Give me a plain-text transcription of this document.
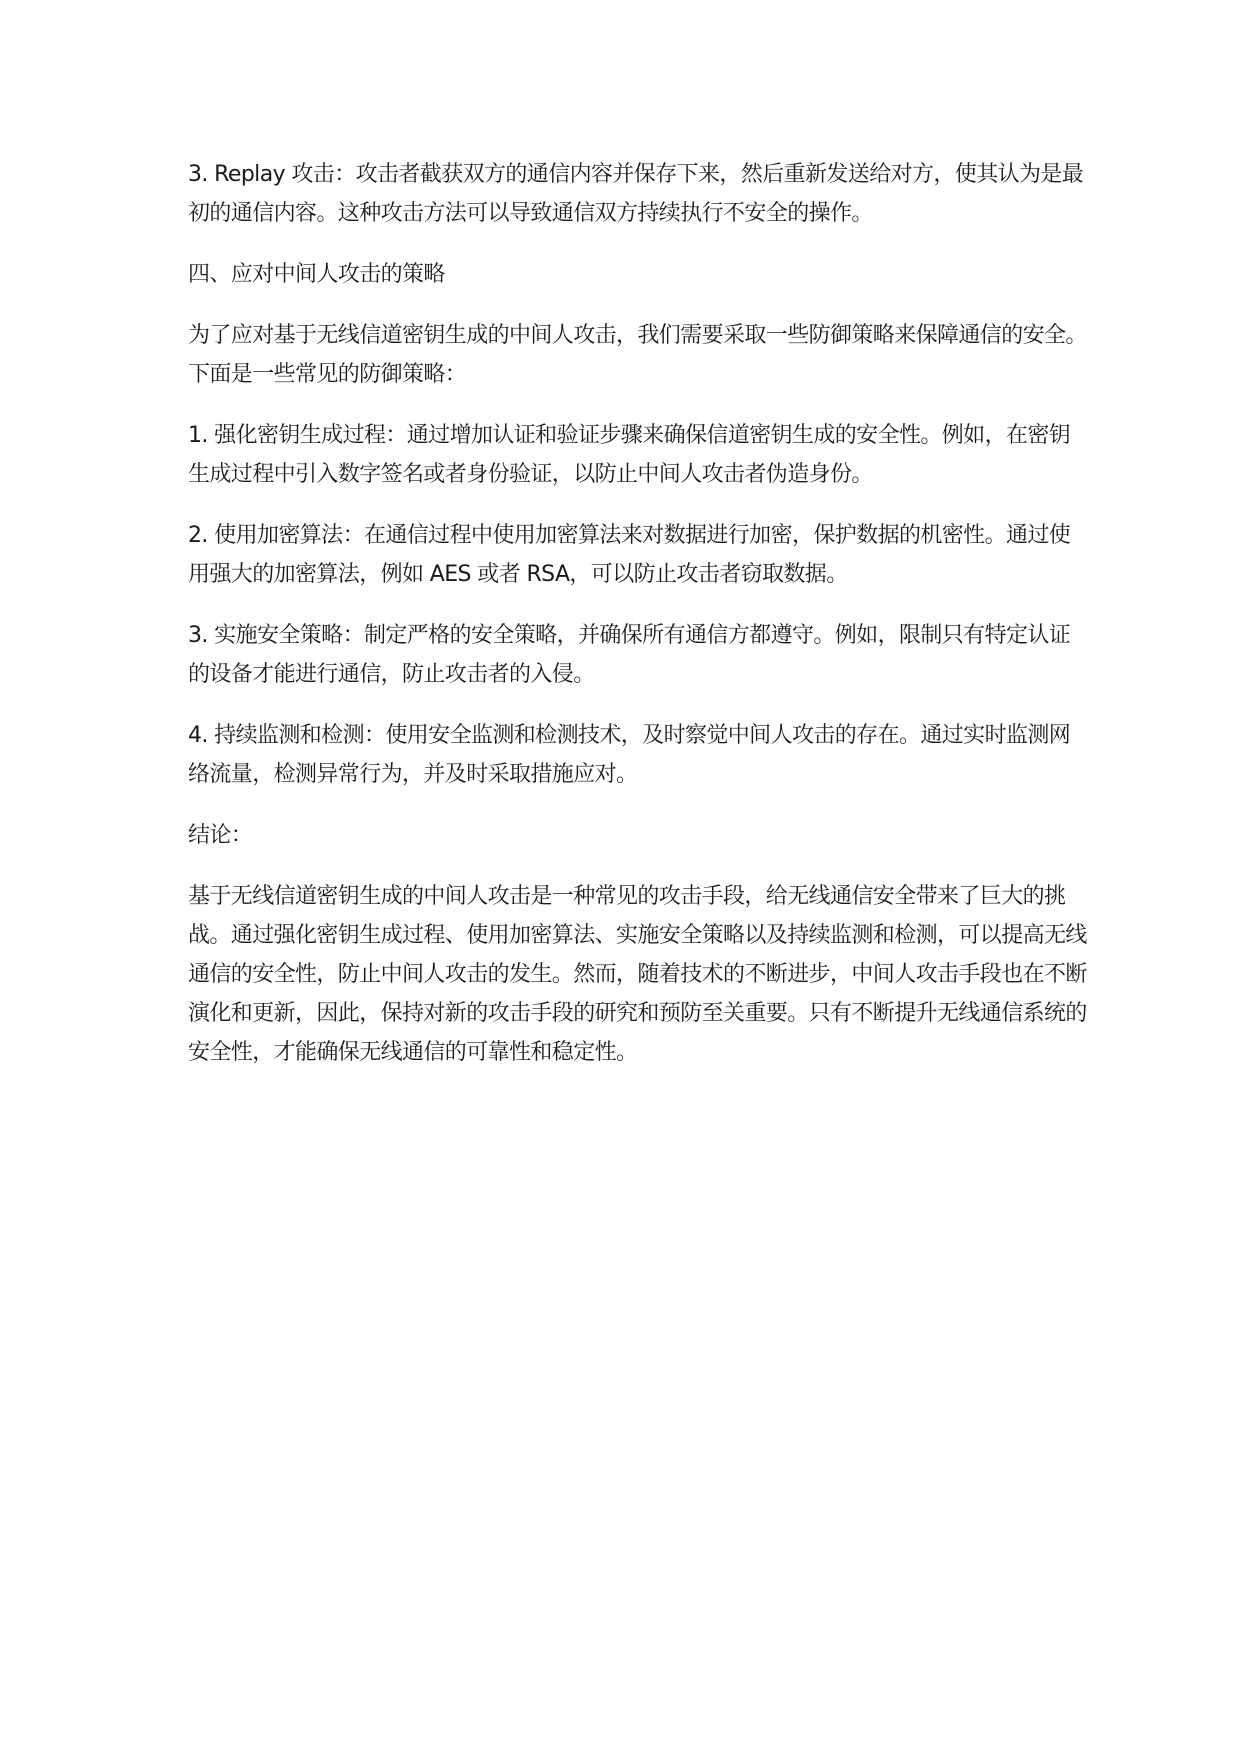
3. Replay 攻击：攻击者截获双方的通信内容并保存下来，然后重新发送给对方，使其认为是最初的通信内容。这种攻击方法可以导致通信双方持续执行不安全的操作。

四、应对中间人攻击的策略

为了应对基于无线信道密钥生成的中间人攻击，我们需要采取一些防御策略来保障通信的安全。下面是一些常见的防御策略：

1. 强化密钥生成过程：通过增加认证和验证步骤来确保信道密钥生成的安全性。例如，在密钥生成过程中引入数字签名或者身份验证，以防止中间人攻击者伪造身份。

2. 使用加密算法：在通信过程中使用加密算法来对数据进行加密，保护数据的机密性。通过使用强大的加密算法，例如 AES 或者 RSA，可以防止攻击者窃取数据。

3. 实施安全策略：制定严格的安全策略，并确保所有通信方都遵守。例如，限制只有特定认证的设备才能进行通信，防止攻击者的入侵。

4. 持续监测和检测：使用安全监测和检测技术，及时察觉中间人攻击的存在。通过实时监测网络流量，检测异常行为，并及时采取措施应对。

结论：

基于无线信道密钥生成的中间人攻击是一种常见的攻击手段，给无线通信安全带来了巨大的挑战。通过强化密钥生成过程、使用加密算法、实施安全策略以及持续监测和检测，可以提高无线通信的安全性，防止中间人攻击的发生。然而，随着技术的不断进步，中间人攻击手段也在不断演化和更新，因此，保持对新的攻击手段的研究和预防至关重要。只有不断提升无线通信系统的安全性，才能确保无线通信的可靠性和稳定性。
